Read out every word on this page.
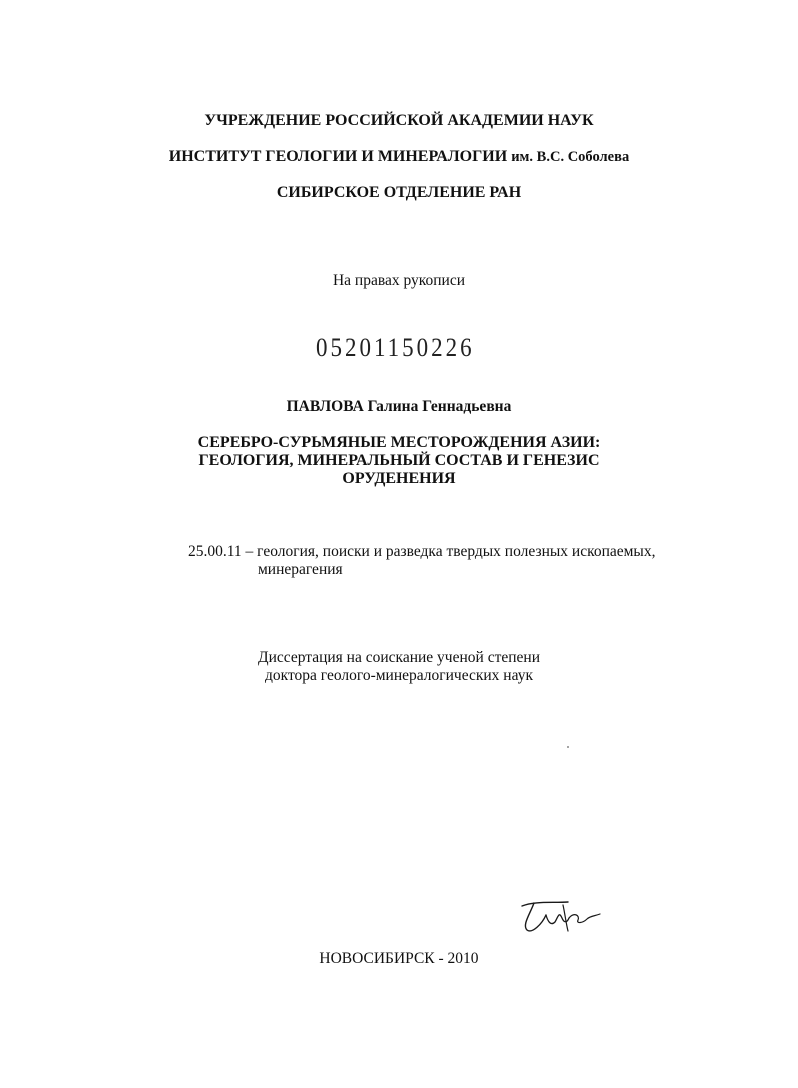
УЧРЕЖДЕНИЕ РОССИЙСКОЙ АКАДЕМИИ НАУК
ИНСТИТУТ ГЕОЛОГИИ И МИНЕРАЛОГИИ им. В.С. Соболева
СИБИРСКОЕ ОТДЕЛЕНИЕ РАН
На правах рукописи
05201150226
ПАВЛОВА Галина Геннадьевна
СЕРЕБРО-СУРЬМЯНЫЕ МЕСТОРОЖДЕНИЯ АЗИИ:
ГЕОЛОГИЯ, МИНЕРАЛЬНЫЙ СОСТАВ И ГЕНЕЗИС
ОРУДЕНЕНИЯ
25.00.11 – геология, поиски и разведка твердых полезных ископаемых,
минерагения
Диссертация на соискание ученой степени
доктора геолого-минералогических наук
НОВОСИБИРСК - 2010
